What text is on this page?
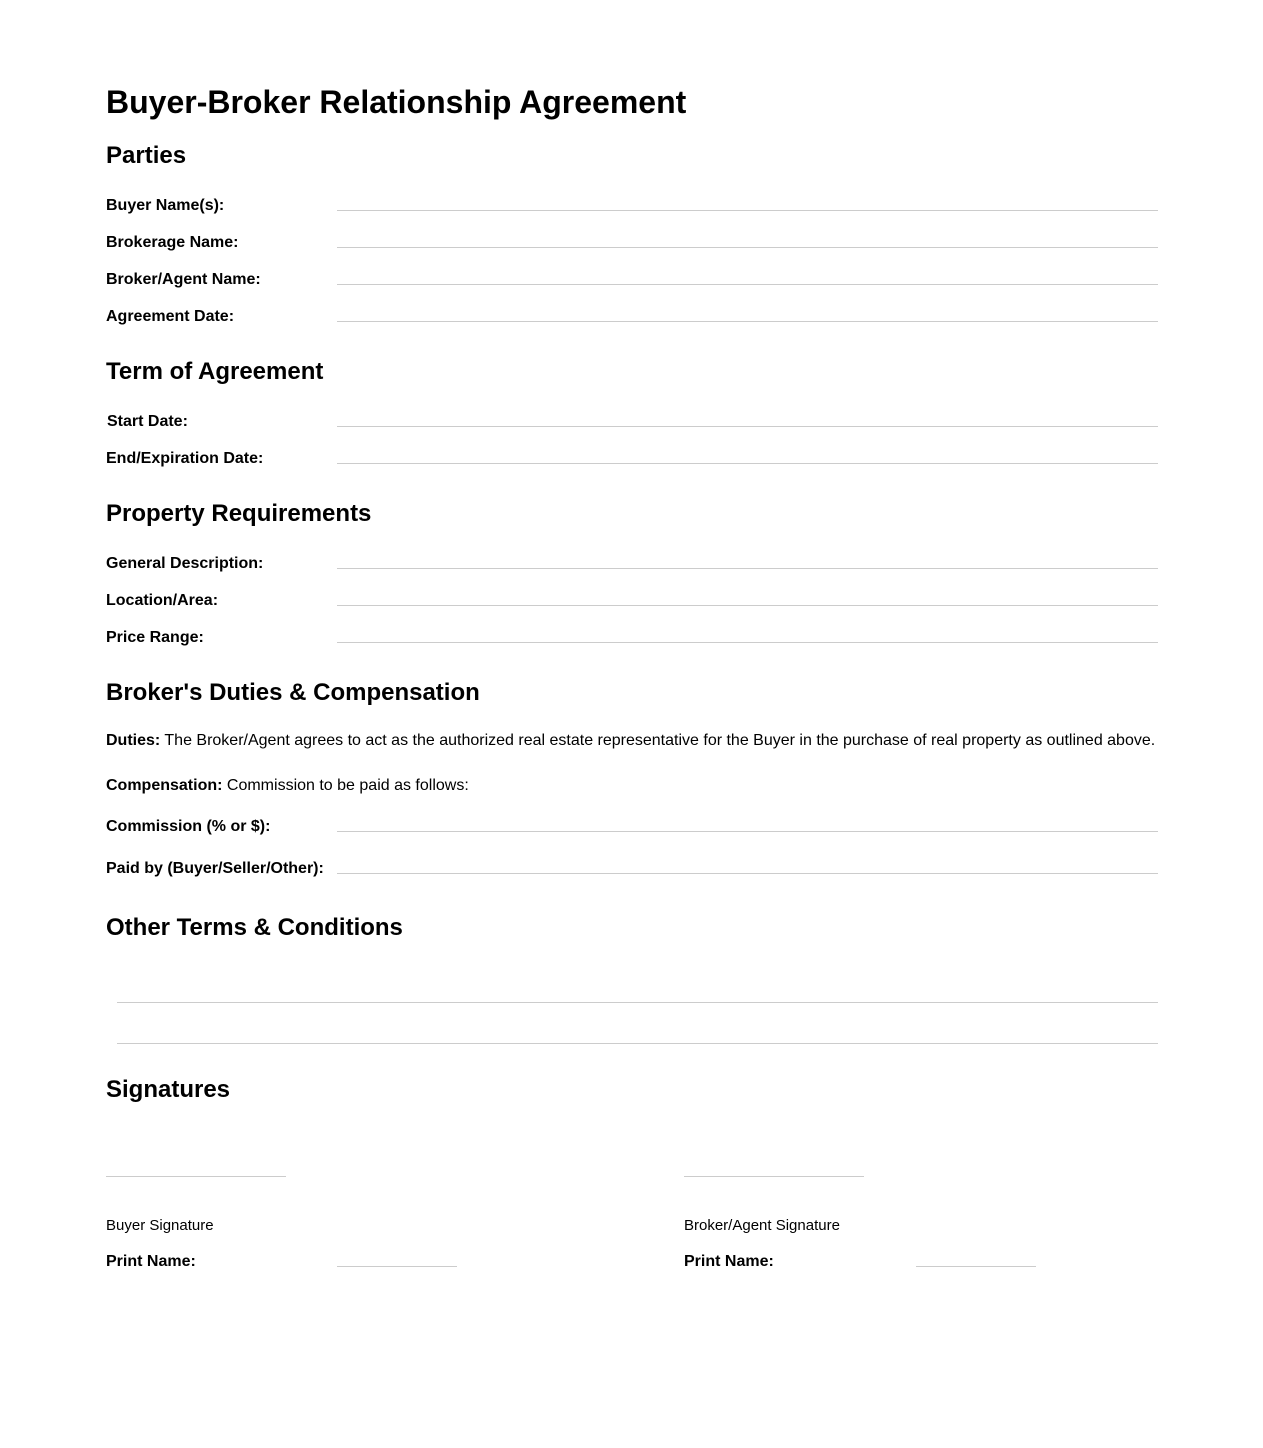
Buyer-Broker Relationship Agreement
Parties
Buyer Name(s):
Brokerage Name:
Broker/Agent Name:
Agreement Date:
Term of Agreement
Start Date:
End/Expiration Date:
Property Requirements
General Description:
Location/Area:
Price Range:
Broker's Duties & Compensation
Duties: The Broker/Agent agrees to act as the authorized real estate representative for the Buyer in the purchase of real property as outlined above.
Compensation: Commission to be paid as follows:
Commission (% or $):
Paid by (Buyer/Seller/Other):
Other Terms & Conditions
Signatures
Buyer Signature
Print Name:
Broker/Agent Signature
Print Name:
